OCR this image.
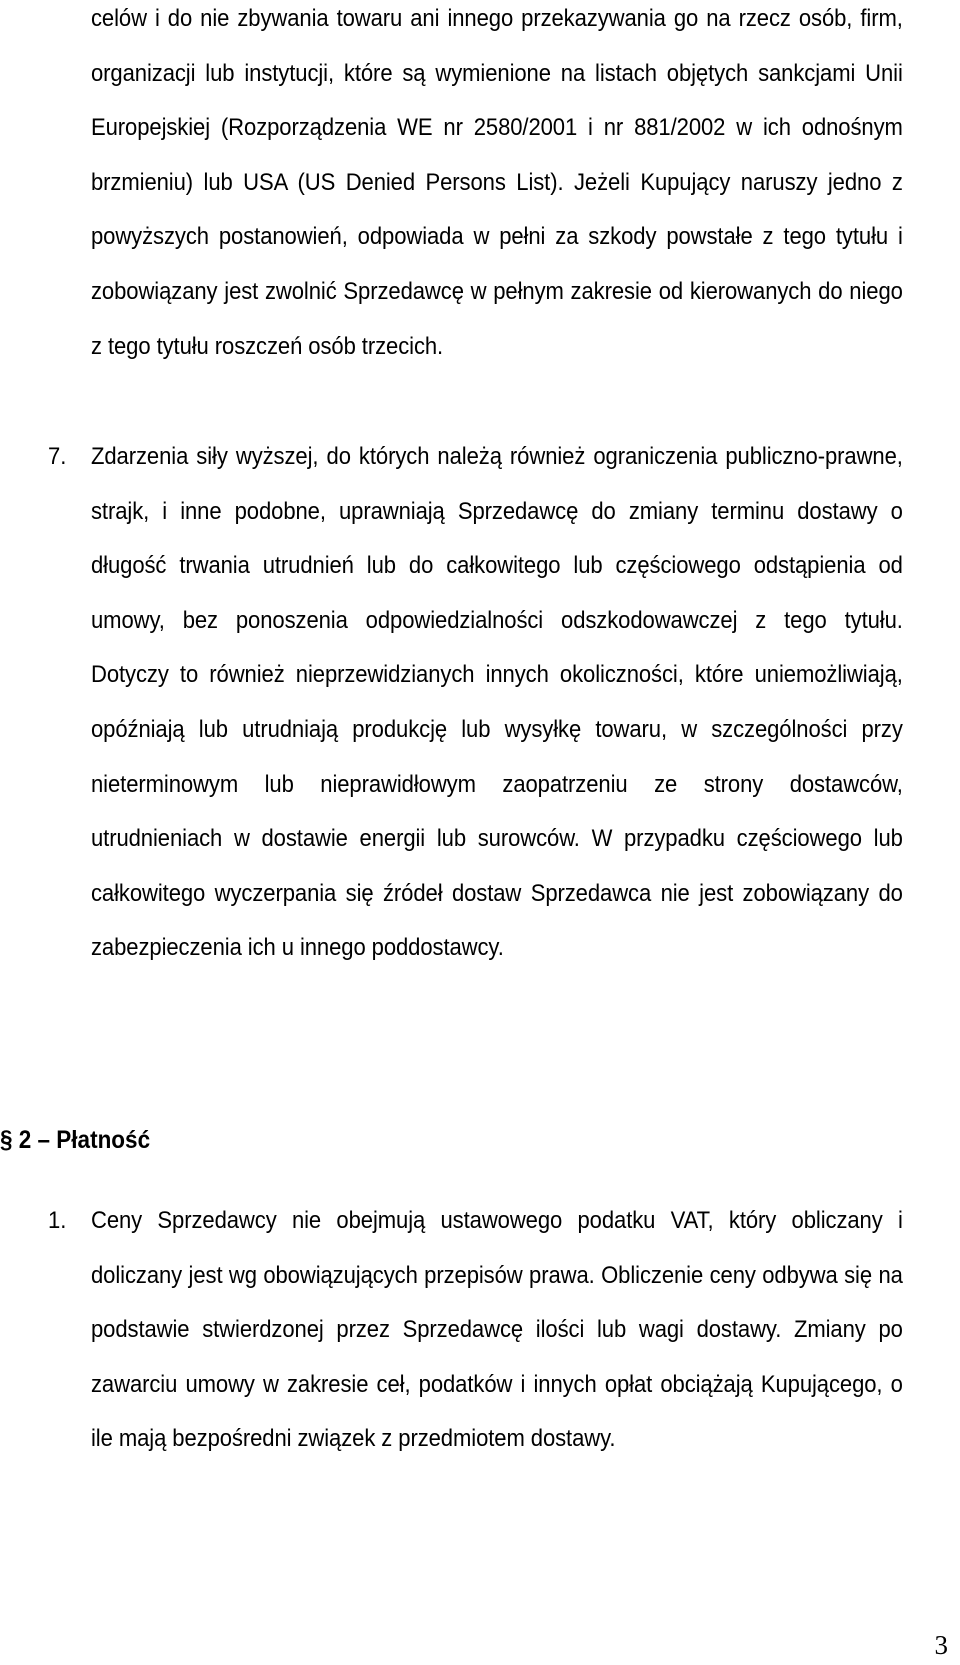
celów i do nie zbywania towaru ani innego przekazywania go na rzecz osób, firm, organizacji lub instytucji, które są wymienione na listach objętych sankcjami Unii Europejskiej (Rozporządzenia WE nr 2580/2001 i nr 881/2002 w ich odnośnym brzmieniu) lub USA (US Denied Persons List). Jeżeli Kupujący naruszy jedno z powyższych postanowień, odpowiada w pełni za szkody powstałe z tego tytułu i zobowiązany jest zwolnić Sprzedawcę w pełnym zakresie od kierowanych do niego z tego tytułu roszczeń osób trzecich.

7. Zdarzenia siły wyższej, do których należą również ograniczenia publiczno-prawne, strajk, i inne podobne, uprawniają Sprzedawcę do zmiany terminu dostawy o długość trwania utrudnień lub do całkowitego lub częściowego odstąpienia od umowy, bez ponoszenia odpowiedzialności odszkodowawczej z tego tytułu. Dotyczy to również nieprzewidzianych innych okoliczności, które uniemożliwiają, opóźniają lub utrudniają produkcję lub wysyłkę towaru, w szczególności przy nieterminowym lub nieprawidłowym zaopatrzeniu ze strony dostawców, utrudnieniach w dostawie energii lub surowców. W przypadku częściowego lub całkowitego wyczerpania się źródeł dostaw Sprzedawca nie jest zobowiązany do zabezpieczenia ich u innego poddostawcy.

§ 2 – Płatność
1. Ceny Sprzedawcy nie obejmują ustawowego podatku VAT, który obliczany i doliczany jest wg obowiązujących przepisów prawa. Obliczenie ceny odbywa się na podstawie stwierdzonej przez Sprzedawcę ilości lub wagi dostawy. Zmiany po zawarciu umowy w zakresie ceł, podatków i innych opłat obciążają Kupującego, o ile mają bezpośredni związek z przedmiotem dostawy.

3
